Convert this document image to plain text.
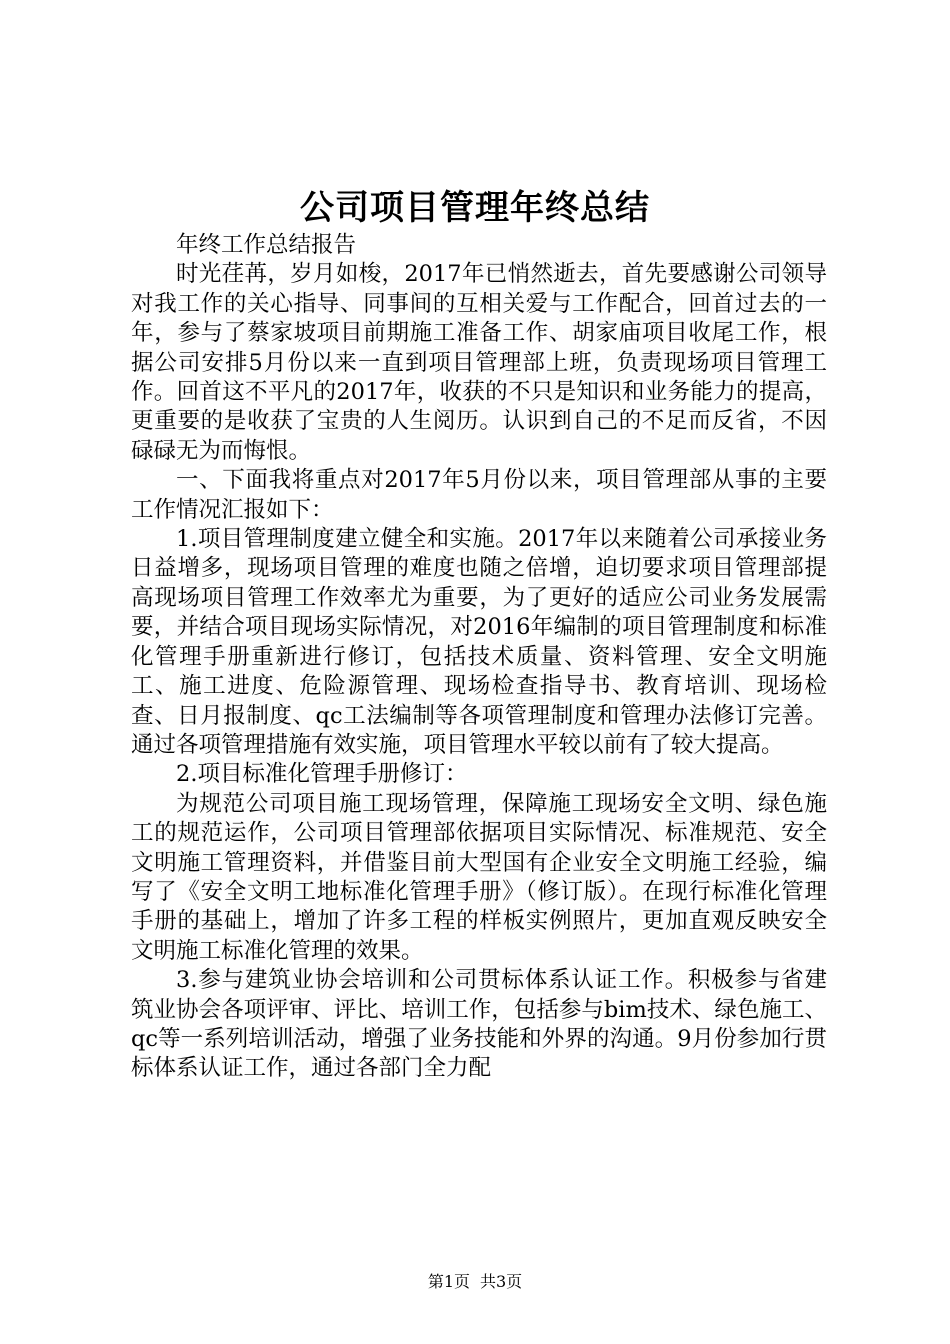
公司项目管理年终总结

年终工作总结报告

时光荏苒，岁月如梭，2017年已悄然逝去，首先要感谢公司领导对我工作的关心指导、同事间的互相关爱与工作配合，回首过去的一年，参与了蔡家坡项目前期施工准备工作、胡家庙项目收尾工作，根据公司安排5月份以来一直到项目管理部上班，负责现场项目管理工作。回首这不平凡的2017年，收获的不只是知识和业务能力的提高，更重要的是收获了宝贵的人生阅历。认识到自己的不足而反省，不因碌碌无为而悔恨。

一、下面我将重点对2017年5月份以来，项目管理部从事的主要工作情况汇报如下：

1.项目管理制度建立健全和实施。2017年以来随着公司承接业务日益增多，现场项目管理的难度也随之倍增，迫切要求项目管理部提高现场项目管理工作效率尤为重要，为了更好的适应公司业务发展需要，并结合项目现场实际情况，对2016年编制的项目管理制度和标准化管理手册重新进行修订，包括技术质量、资料管理、安全文明施工、施工进度、危险源管理、现场检查指导书、教育培训、现场检查、日月报制度、qc工法编制等各项管理制度和管理办法修订完善。通过各项管理措施有效实施，项目管理水平较以前有了较大提高。

2.项目标准化管理手册修订：

为规范公司项目施工现场管理，保障施工现场安全文明、绿色施工的规范运作，公司项目管理部依据项目实际情况、标准规范、安全文明施工管理资料，并借鉴目前大型国有企业安全文明施工经验，编写了《安全文明工地标准化管理手册》（修订版）。在现行标准化管理手册的基础上，增加了许多工程的样板实例照片，更加直观反映安全文明施工标准化管理的效果。

3.参与建筑业协会培训和公司贯标体系认证工作。积极参与省建筑业协会各项评审、评比、培训工作，包括参与bim技术、绿色施工、qc等一系列培训活动，增强了业务技能和外界的沟通。9月份参加行贯标体系认证工作，通过各部门全力配

第1页 共3页
